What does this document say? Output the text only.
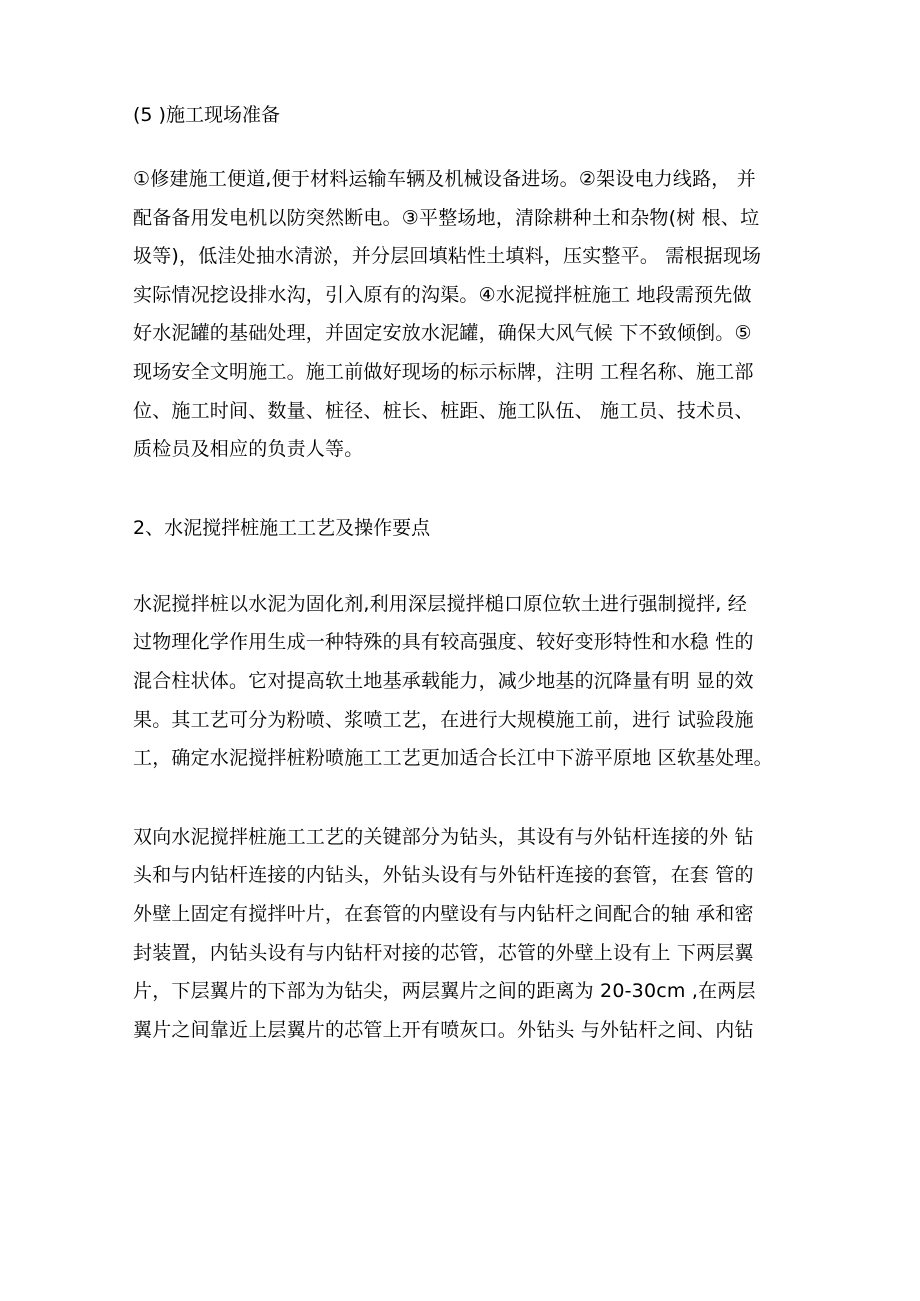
(5 )施工现场准备

①修建施工便道,便于材料运输车辆及机械设备进场。②架设电力线路， 并
配备备用发电机以防突然断电。③平整场地，清除耕种土和杂物(树 根、垃
圾等)，低洼处抽水清淤，并分层回填粘性土填料，压实整平。 需根据现场
实际情况挖设排水沟，引入原有的沟渠。④水泥搅拌桩施工 地段需预先做
好水泥罐的基础处理，并固定安放水泥罐，确保大风气候 下不致倾倒。⑤
现场安全文明施工。施工前做好现场的标示标牌，注明 工程名称、施工部
位、施工时间、数量、桩径、桩长、桩距、施工队伍、 施工员、技术员、
质检员及相应的负责人等。

2、水泥搅拌桩施工工艺及操作要点

水泥搅拌桩以水泥为固化剂,利用深层搅拌槌口原位软土进行强制搅拌, 经
过物理化学作用生成一种特殊的具有较高强度、较好变形特性和水稳 性的
混合柱状体。它对提高软土地基承载能力，减少地基的沉降量有明 显的效
果。其工艺可分为粉喷、浆喷工艺，在进行大规模施工前，进行 试验段施
工，确定水泥搅拌桩粉喷施工工艺更加适合长江中下游平原地 区软基处理。

双向水泥搅拌桩施工工艺的关键部分为钻头，其设有与外钻杆连接的外 钻
头和与内钻杆连接的内钻头，外钻头设有与外钻杆连接的套管，在套 管的
外壁上固定有搅拌叶片，在套管的内壁设有与内钻杆之间配合的轴 承和密
封装置，内钻头设有与内钻杆对接的芯管，芯管的外壁上设有上 下两层翼
片，下层翼片的下部为为钻尖，两层翼片之间的距离为 20-30cm ,在两层
翼片之间靠近上层翼片的芯管上开有喷灰口。外钻头 与外钻杆之间、内钻
